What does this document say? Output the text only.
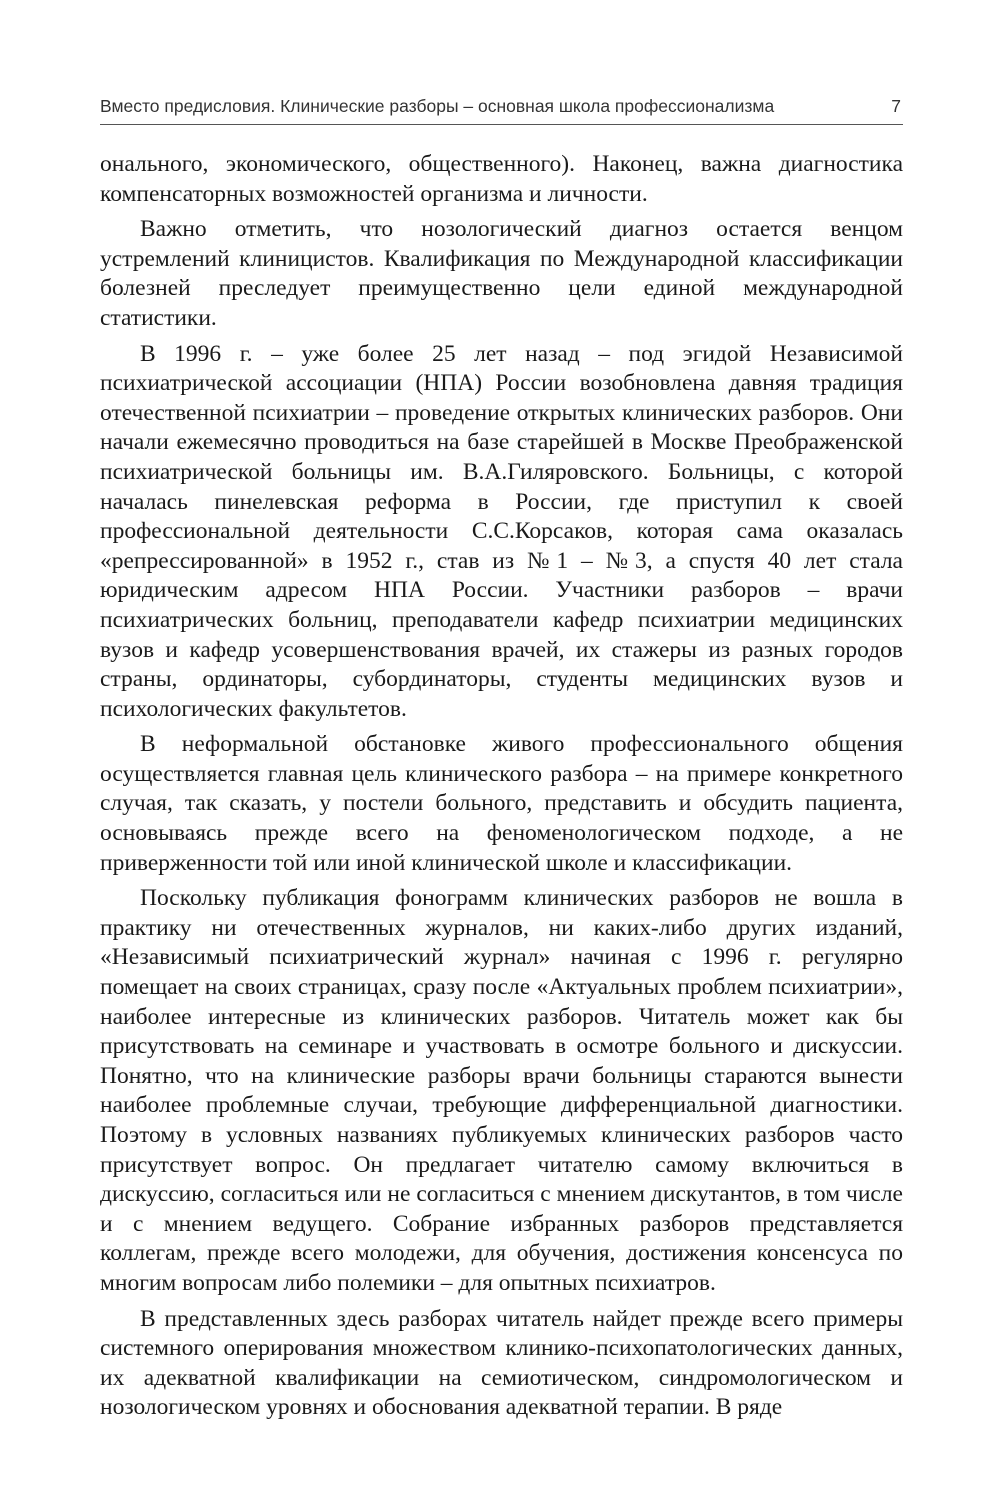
Вместо предисловия. Клинические разборы – основная школа профессионализма	7

онального, экономического, общественного). Наконец, важна диагностика компенсаторных возможностей организма и личности.

Важно отметить, что нозологический диагноз остается венцом устремлений клиницистов. Квалификация по Международной классификации болезней преследует преимущественно цели единой международной статистики.

В 1996 г. – уже более 25 лет назад – под эгидой Независимой психиатрической ассоциации (НПА) России возобновлена давняя традиция отечественной психиатрии – проведение открытых клинических разборов. Они начали ежемесячно проводиться на базе старейшей в Москве Преображенской психиатрической больницы им. В.А.Гиляровского. Больницы, с которой началась пинелевская реформа в России, где приступил к своей профессиональной деятельности С.С.Корсаков, которая сама оказалась «репрессированной» в 1952 г., став из №1 – №3, а спустя 40 лет стала юридическим адресом НПА России. Участники разборов – врачи психиатрических больниц, преподаватели кафедр психиатрии медицинских вузов и кафедр усовершенствования врачей, их стажеры из разных городов страны, ординаторы, субординаторы, студенты медицинских вузов и психологических факультетов.

В неформальной обстановке живого профессионального общения осуществляется главная цель клинического разбора – на примере конкретного случая, так сказать, у постели больного, представить и обсудить пациента, основываясь прежде всего на феноменологическом подходе, а не приверженности той или иной клинической школе и классификации.

Поскольку публикация фонограмм клинических разборов не вошла в практику ни отечественных журналов, ни каких-либо других изданий, «Независимый психиатрический журнал» начиная с 1996 г. регулярно помещает на своих страницах, сразу после «Актуальных проблем психиатрии», наиболее интересные из клинических разборов. Читатель может как бы присутствовать на семинаре и участвовать в осмотре больного и дискуссии. Понятно, что на клинические разборы врачи больницы стараются вынести наиболее проблемные случаи, требующие дифференциальной диагностики. Поэтому в условных названиях публикуемых клинических разборов часто присутствует вопрос. Он предлагает читателю самому включиться в дискуссию, согласиться или не согласиться с мнением дискутантов, в том числе и с мнением ведущего. Собрание избранных разборов представляется коллегам, прежде всего молодежи, для обучения, достижения консенсуса по многим вопросам либо полемики – для опытных психиатров.

В представленных здесь разборах читатель найдет прежде всего примеры системного оперирования множеством клинико-психопатологических данных, их адекватной квалификации на семиотическом, синдромологическом и нозологическом уровнях и обоснования адекватной терапии. В ряде
